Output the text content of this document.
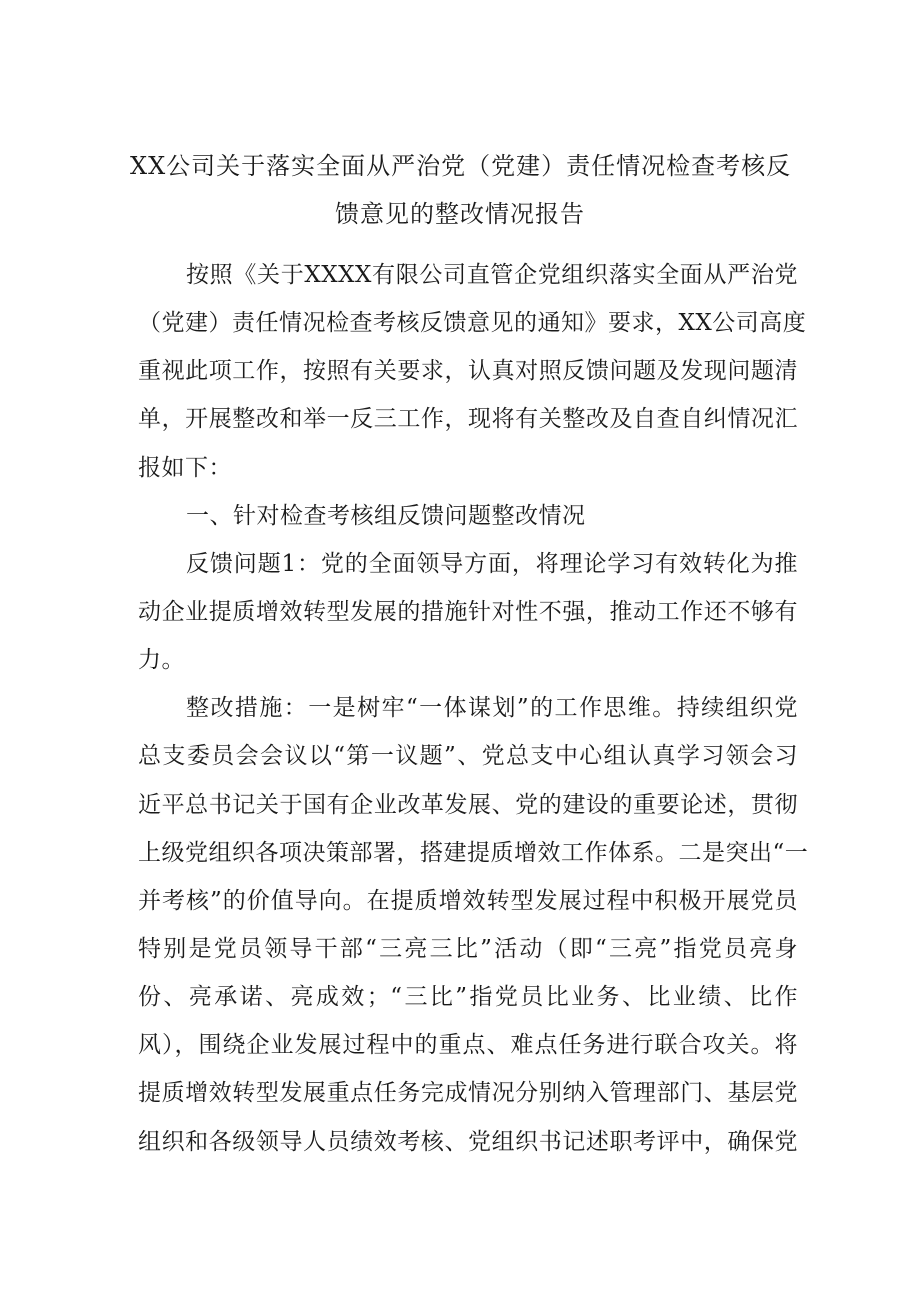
XX公司关于落实全面从严治党（党建）责任情况检查考核反
馈意见的整改情况报告
按照《关于XXXX有限公司直管企党组织落实全面从严治党
（党建）责任情况检查考核反馈意见的通知》要求，XX公司高度
重视此项工作，按照有关要求，认真对照反馈问题及发现问题清
单，开展整改和举一反三工作，现将有关整改及自查自纠情况汇
报如下：
一、针对检查考核组反馈问题整改情况
反馈问题1：党的全面领导方面，将理论学习有效转化为推
动企业提质增效转型发展的措施针对性不强，推动工作还不够有
力。
整改措施：一是树牢“一体谋划”的工作思维。持续组织党
总支委员会会议以“第一议题”、党总支中心组认真学习领会习
近平总书记关于国有企业改革发展、党的建设的重要论述，贯彻
上级党组织各项决策部署，搭建提质增效工作体系。二是突出“一
并考核”的价值导向。在提质增效转型发展过程中积极开展党员
特别是党员领导干部“三亮三比”活动（即“三亮”指党员亮身
份、亮承诺、亮成效；“三比”指党员比业务、比业绩、比作
风），围绕企业发展过程中的重点、难点任务进行联合攻关。将
提质增效转型发展重点任务完成情况分别纳入管理部门、基层党
组织和各级领导人员绩效考核、党组织书记述职考评中，确保党
